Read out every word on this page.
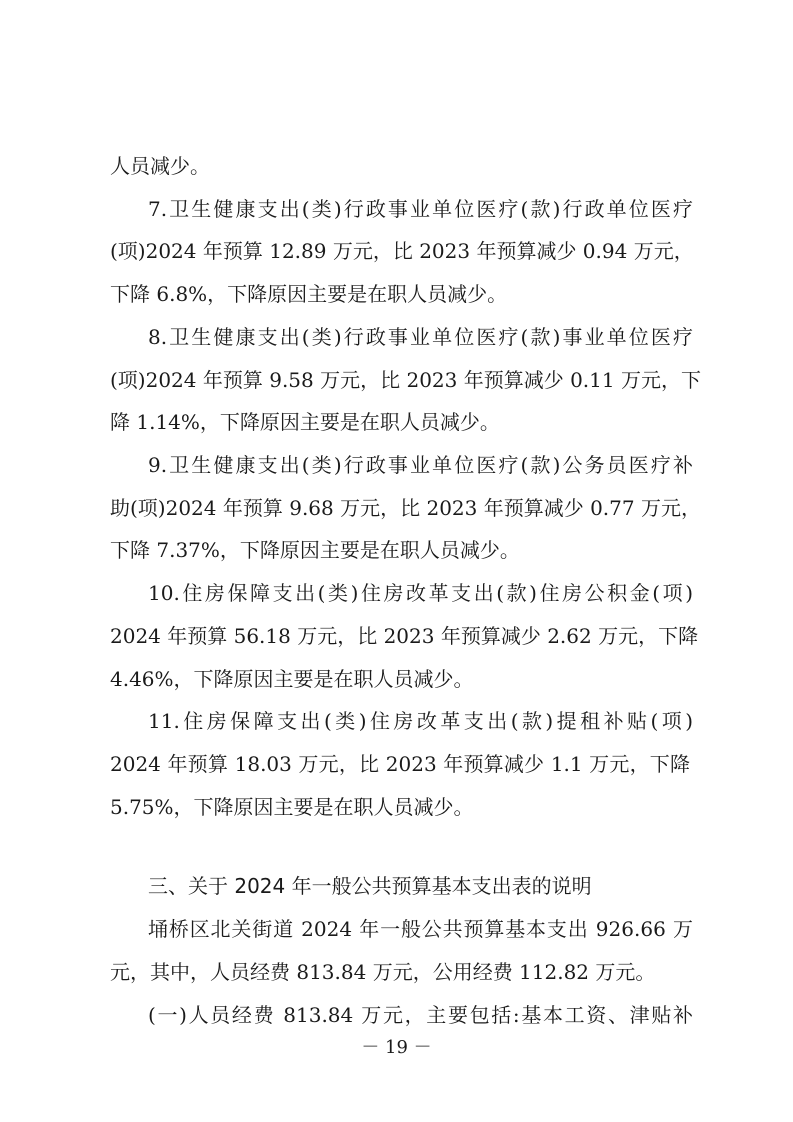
人员减少。
7.卫生健康支出(类)行政事业单位医疗(款)行政单位医疗
(项)2024 年预算 12.89 万元，比 2023 年预算减少 0.94 万元，
下降 6.8%，下降原因主要是在职人员减少。
8.卫生健康支出(类)行政事业单位医疗(款)事业单位医疗
(项)2024 年预算 9.58 万元，比 2023 年预算减少 0.11 万元，下
降 1.14%，下降原因主要是在职人员减少。
9.卫生健康支出(类)行政事业单位医疗(款)公务员医疗补
助(项)2024 年预算 9.68 万元，比 2023 年预算减少 0.77 万元，
下降 7.37%，下降原因主要是在职人员减少。
10.住房保障支出(类)住房改革支出(款)住房公积金(项)
2024 年预算 56.18 万元，比 2023 年预算减少 2.62 万元，下降
4.46%，下降原因主要是在职人员减少。
11.住房保障支出(类)住房改革支出(款)提租补贴(项)
2024 年预算 18.03 万元，比 2023 年预算减少 1.1 万元，下降
5.75%，下降原因主要是在职人员减少。
三、关于 2024 年一般公共预算基本支出表的说明
埇桥区北关街道 2024 年一般公共预算基本支出 926.66 万
元，其中，人员经费 813.84 万元，公用经费 112.82 万元。
(一)人员经费 813.84 万元，主要包括:基本工资、津贴补
－ 19 －
